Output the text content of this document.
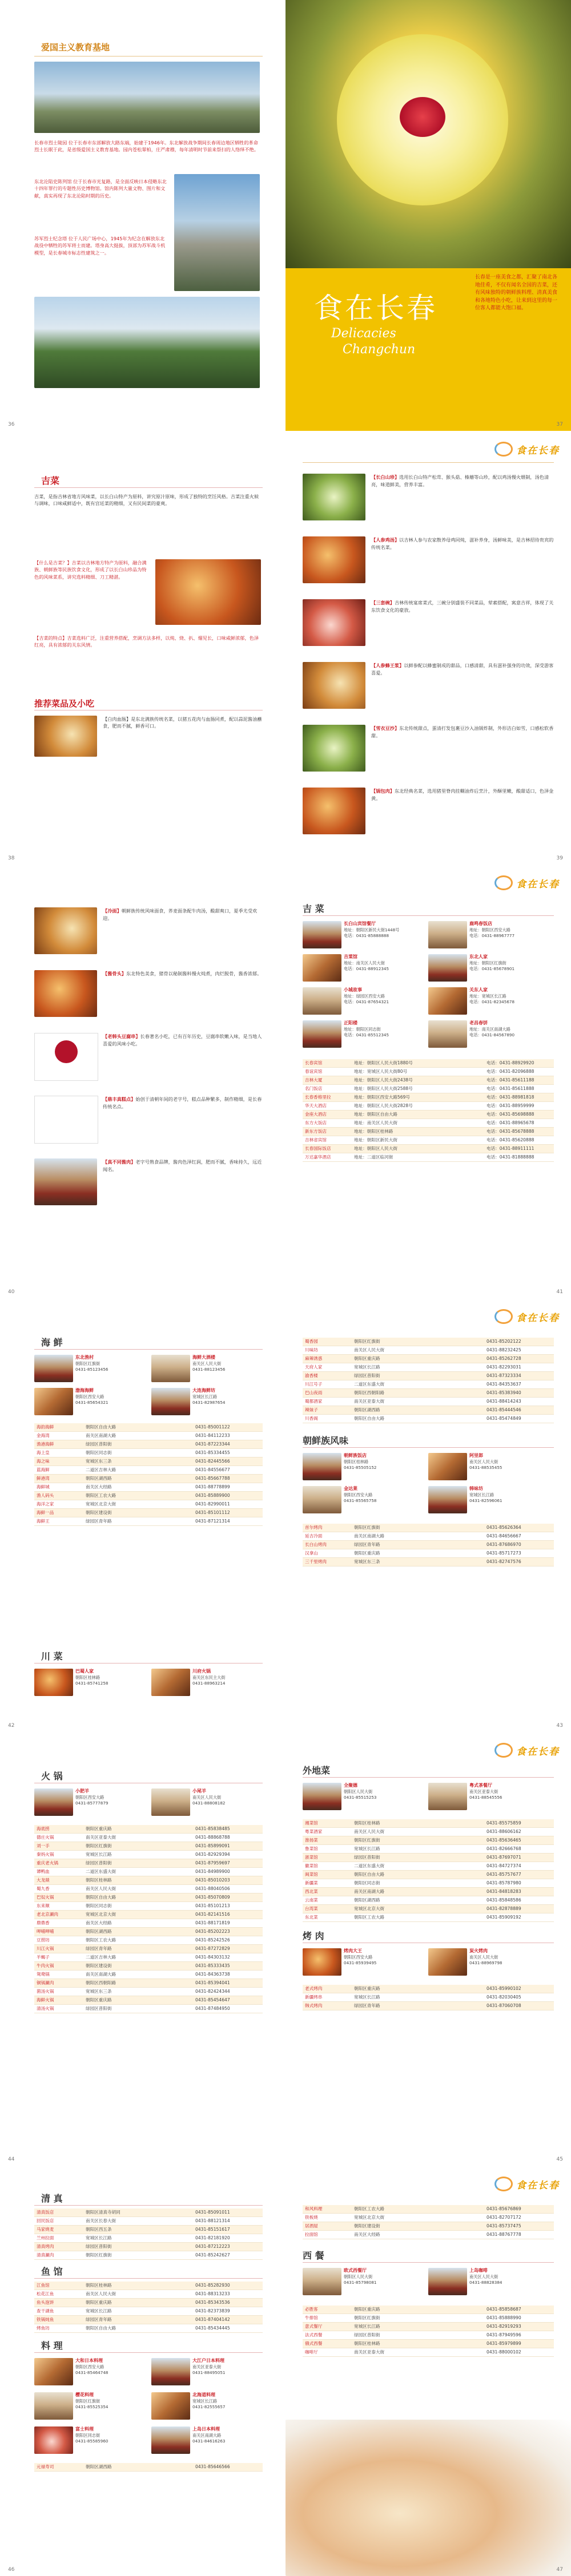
爱国主义教育基地
长春市烈士陵园 位于长春市东部解放大路东端，始建于1946年。东北解放战争期间长春周边地区牺牲的革命烈士长眠于此，是省级爱国主义教育基地。园内苍松翠柏，庄严肃穆，每年清明时节前来祭扫的人络绎不绝。
东北沦陷史陈列馆 位于长春市光复路，是全面反映日本侵略东北十四年罪行的专题性历史博物馆。馆内陈列大量文物、图片和文献，真实再现了东北沦陷时期的历史。
苏军烈士纪念塔 位于人民广场中心，1945年为纪念在解放东北战役中牺牲的苏军将士而建。塔身高大挺拔，顶部为苏军战斗机模型，是长春城市标志性建筑之一。
36
食在长春
Delicacies
Changchun
长春是一座美食之都，汇聚了南北各地佳肴，不仅有闻名全国的吉菜，还有风味独特的朝鲜族料理、清真美食和各地特色小吃，让来到这里的每一位客人都能大饱口福。
37
吉菜
吉菜，是指吉林省地方风味菜，以长白山特产为原料，讲究原汁原味，形成了独特的烹饪风格。吉菜注重火候与调味，口味咸鲜适中，既有宫廷菜的精细，又有民间菜的豪爽。
【什么是吉菜？】吉菜以吉林地方特产为原料，融合满族、朝鲜族等民族饮食文化，形成了以长白山珍品为特色的风味菜系，讲究选料精细、刀工精湛。
【吉菜的特点】吉菜选料广泛，注重营养搭配，烹调方法多样，以炖、烧、扒、熘见长，口味咸鲜浓郁，色泽红亮，具有浓郁的关东风情。
推荐菜品及小吃
【白肉血肠】是东北满族传统名菜，以猪五花肉与血肠同煮，配以蒜泥酱油蘸食，肥而不腻，鲜香可口。
38
食在长春
【长白山珍】选用长白山特产松茸、猴头菇、榛蘑等山珍，配以鸡汤慢火煨制，汤色清亮，味道鲜美，营养丰富。
【人参鸡汤】以吉林人参与农家散养母鸡同炖，滋补养身，汤鲜味美，是吉林招待贵宾的传统名菜。
【三套碗】吉林传统宴席菜式，三碗分别盛装不同菜品，荤素搭配，寓意吉祥，体现了关东饮食文化的豪放。
【人参蜂王浆】以鲜参配以蜂蜜制成的甜品，口感清甜，具有滋补强身的功效，深受游客喜爱。
【雪衣豆沙】东北传统甜点，蛋清打发包裹豆沙入油锅炸制，外形洁白如雪，口感松软香甜。
【锅包肉】东北经典名菜，选用猪里脊肉挂糊油炸后烹汁，外酥里嫩，酸甜适口，色泽金黄。
39
【冷面】朝鲜族传统风味面食，荞麦面条配牛肉汤，酸甜爽口，夏季尤受欢迎。
【酱骨头】东北特色美食，猪骨以秘制酱料慢火炖煮，肉烂脱骨，酱香浓郁。
【老韩头豆腐串】长春著名小吃，已有百年历史，豆腐串软嫩入味，是当地人喜爱的风味小吃。
【鼎丰真糕点】始创于清朝年间的老字号，糕点品种繁多，制作精细，是长春传统名点。
【真不同酱肉】老字号熟食品牌，酱肉色泽红润，肥而不腻，香味持久，远近闻名。
40
食在长春
吉 菜
长白山宾馆餐厅
地址：朝阳区新民大街1448号
电话：0431-85888888
鹿鸣春饭店
地址：朝阳区西安大路
电话：0431-88967777
吉菜馆
地址：南关区人民大街
电话：0431-88912345
东北人家
地址：朝阳区红旗街
电话：0431-85678901
小城故事
地址：绿园区西安大路
电话：0431-87654321
关东人家
地址：宽城区长江路
电话：0431-82345678
正阳楼
地址：朝阳区同志街
电话：0431-85512345
老昌春饼
地址：南关区南湖大路
电话：0431-84567890
长春宾馆	地址：朝阳区人民大街1880号	电话：0431-88929920
春谊宾馆	地址：宽城区人民大街80号	电话：0431-82096888
吉林大厦	地址：朝阳区人民大街2438号	电话：0431-85611188
名门饭店	地址：朝阳区人民大街2588号	电话：0431-85611888
长春香格里拉	地址：朝阳区西安大路569号	电话：0431-88981818
华天大酒店	地址：朝阳区人民大街2828号	电话：0431-88959999
金座大酒店	地址：朝阳区自由大路	电话：0431-85698888
东方大饭店	地址：南关区人民大街	电话：0431-88965678
新东方饭店	地址：朝阳区桂林路	电话：0431-85678888
吉林省宾馆	地址：朝阳区新民大街	电话：0431-85620888
长春国际饭店	地址：朝阳区人民大街	电话：0431-88911111
万达嘉华酒店	地址：二道区临河街	电话：0431-81888888
41
海 鲜
东北渔村
朝阳区红旗街
0431-85123456
海鲜大酒楼
南关区人民大街
0431-88123456
渤海海鲜
朝阳区西安大路
0431-85654321
大连海鲜坊
宽城区长江路
0431-82987654
海韵海鲜	朝阳区自由大路	0431-85001122
金海湾	南关区南湖大路	0431-84112233
渔港海鲜	绿园区普阳街	0431-87223344
海上皇	朝阳区同志街	0431-85334455
海之味	宽城区东三条	0431-82445566
蓝海鲜	二道区吉林大路	0431-84556677
鲜港湾	朝阳区湖西路	0431-85667788
海鲜城	南关区大经路	0431-88778899
渔人码头	朝阳区工农大路	0431-85889900
海洋之家	宽城区北京大街	0431-82990011
海鲜一品	朝阳区建设街	0431-85101112
海鲜王	绿园区青年路	0431-87121314
川 菜
巴蜀人家
朝阳区桂林路
0431-85741258
川府火锅
南关区东民主大街
0431-88963214
42
食在长春
蜀香园	朝阳区红旗街	0431-85202122
川味坊	南关区人民大街	0431-88232425
麻辣诱惑	朝阳区重庆路	0431-85262728
天府人家	宽城区长江路	0431-82293031
渝香楼	绿园区普阳街	0431-87323334
川江号子	二道区东盛大街	0431-84353637
巴山夜雨	朝阳区西朝阳路	0431-85383940
蜀都酒家	南关区亚泰大街	0431-88414243
辣妹子	朝阳区湖西路	0431-85444546
川香阁	朝阳区自由大路	0431-85474849
朝鲜族风味
朝鲜族饭店
朝阳区桂林路
0431-85505152
阿里郎
南关区人民大街
0431-88535455
金达莱
朝阳区西安大路
0431-85565758
韩味坊
宽城区长江路
0431-82596061
首尔烤肉	朝阳区红旗街	0431-85626364
延吉冷面	南关区南湖大路	0431-84656667
长白山烤肉	绿园区青年路	0431-87686970
汉拿山	朝阳区重庆路	0431-85717273
三千里烤肉	宽城区东三条	0431-82747576
43
火 锅
小肥羊
朝阳区西安大路
0431-85777879
小尾羊
南关区人民大街
0431-88808182
海底捞	朝阳区重庆路	0431-85838485
德庄火锅	南关区亚泰大街	0431-88868788
刘一手	朝阳区红旗街	0431-85899091
秦妈火锅	宽城区长江路	0431-82929394
重庆老火锅	绿园区普阳街	0431-87959697
谭鸭血	二道区东盛大街	0431-84989900
大龙燚	朝阳区桂林路	0431-85010203
蜀九香	南关区人民大街	0431-88040506
巴奴火锅	朝阳区自由大路	0431-85070809
东来顺	朝阳区同志街	0431-85101213
老北京涮肉	宽城区北京大街	0431-82141516
鼎鼎香	南关区大经路	0431-88171819
呷哺呷哺	朝阳区湖西路	0431-85202223
豆捞坊	朝阳区工农大路	0431-85242526
川江火锅	绿园区青年路	0431-87272829
羊蝎子	二道区吉林大路	0431-84303132
牛肉火锅	朝阳区建设街	0431-85333435
鸳鸯锅	南关区南湖大路	0431-84363738
铜锅涮肉	朝阳区西朝阳路	0431-85394041
菌汤火锅	宽城区东三条	0431-82424344
海鲜火锅	朝阳区重庆路	0431-85454647
清汤火锅	绿园区普阳街	0431-87484950
44
食在长春
外地菜
全聚德
朝阳区人民大街
0431-85515253
粤式茶餐厅
南关区亚泰大街
0431-88545556
湘菜馆	朝阳区桂林路	0431-85575859
粤菜酒家	南关区人民大街	0431-88606162
淮扬菜	朝阳区红旗街	0431-85636465
鲁菜馆	宽城区长江路	0431-82666768
浙菜馆	绿园区普阳街	0431-87697071
徽菜馆	二道区东盛大街	0431-84727374
闽菜馆	朝阳区自由大路	0431-85757677
新疆菜	朝阳区同志街	0431-85787980
西北菜	南关区南湖大路	0431-84818283
云南菜	朝阳区湖西路	0431-85848586
台湾菜	宽城区北京大街	0431-82878889
东北菜	朝阳区工农大路	0431-85909192
烤 肉
烤肉大王
朝阳区西安大路
0431-85939495
炭火烤肉
南关区人民大街
0431-88969798
老式烤肉	朝阳区重庆路	0431-85990102
新疆烤串	宽城区长江路	0431-82030405
韩式烤肉	绿园区青年路	0431-87060708
45
清 真
清真饭店	朝阳区清真寺胡同	0431-85091011
回民饭店	南关区长春大街	0431-88121314
马家烧麦	朝阳区西五条	0431-85151617
兰州拉面	宽城区长江路	0431-82181920
清真烤肉	绿园区普阳街	0431-87212223
清真涮肉	朝阳区红旗街	0431-85242627
鱼 馆
江鱼馆	朝阳区桂林路	0431-85282930
松花江鱼	南关区人民大街	0431-88313233
鱼头泡饼	朝阳区重庆路	0431-85343536
查干湖鱼	宽城区长江路	0431-82373839
铁锅炖鱼	绿园区青年路	0431-87404142
烤鱼坊	朝阳区自由大路	0431-85434445
料 理
大和日本料理
朝阳区西安大路
0431-85464748
大江户日本料理
南关区亚泰大街
0431-88495051
樱花料理
朝阳区红旗街
0431-85525354
北海道料理
宽城区长江路
0431-82555657
富士料理
朝阳区同志街
0431-85585960
上岛日本料理
南关区南湖大路
0431-84616263
元禄寿司	朝阳区湖西路	0431-85646566
46
食在长春
和风料理	朝阳区工农大路	0431-85676869
铁板烧	宽城区北京大街	0431-82707172
居酒屋	朝阳区建设街	0431-85737475
拉面馆	南关区大经路	0431-88767778
西 餐
欧式西餐厅
朝阳区人民大街
0431-85798081
上岛咖啡
南关区人民大街
0431-88828384
必胜客	朝阳区重庆路	0431-85858687
牛排馆	朝阳区红旗街	0431-85888990
意式餐厅	宽城区长江路	0431-82919293
法式西餐	绿园区普阳街	0431-87949596
俄式西餐	朝阳区桂林路	0431-85979899
咖啡厅	南关区亚泰大街	0431-88000102
47
